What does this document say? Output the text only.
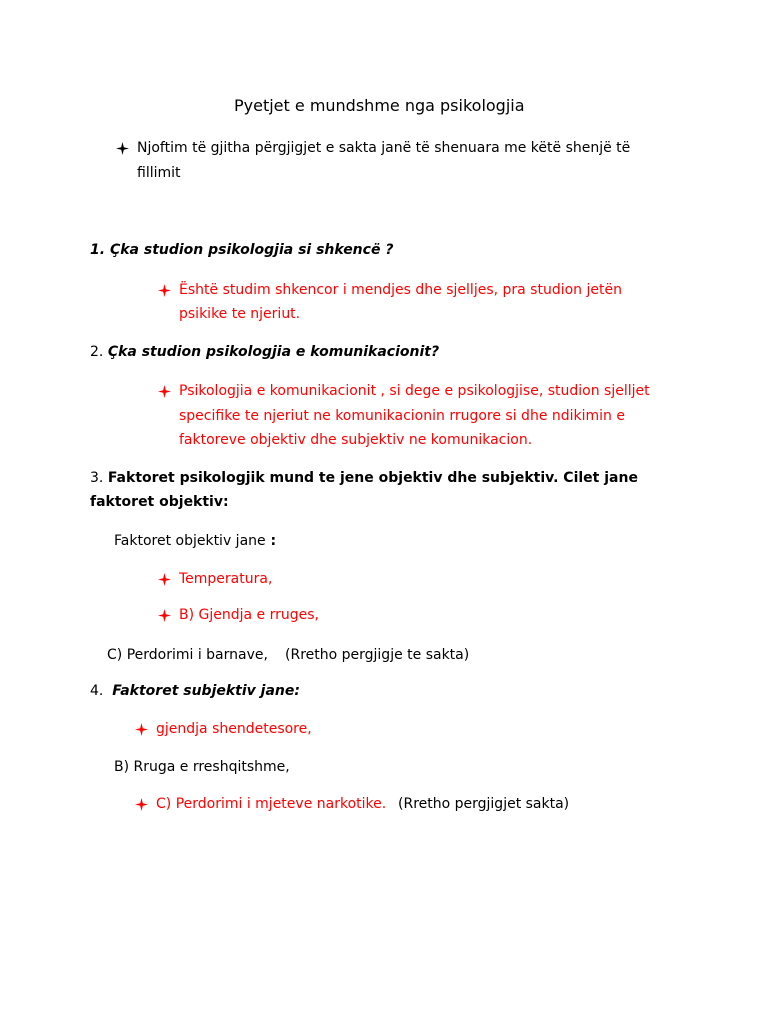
Pyetjet e mundshme nga psikologjia
Njoftim të gjitha përgjigjet e sakta janë të shenuara me këtë shenjë të
fillimit
1. Çka studion psikologjia si shkencë ?
Është studim shkencor i mendjes dhe sjelljes, pra studion jetën
psikike te njeriut.
2. Çka studion psikologjia e komunikacionit?
Psikologjia e komunikacionit , si dege e psikologjise, studion sjelljet
specifike te njeriut ne komunikacionin rrugore si dhe ndikimin e
faktoreve objektiv dhe subjektiv ne komunikacion.
3. Faktoret psikologjik mund te jene objektiv dhe subjektiv. Cilet jane
faktoret objektiv:
Faktoret objektiv jane :
Temperatura,
B) Gjendja e rruges,
C) Perdorimi i barnave, (Rretho pergjigje te sakta)
4. Faktoret subjektiv jane:
gjendja shendetesore,
B) Rruga e rreshqitshme,
C) Perdorimi i mjeteve narkotike. (Rretho pergjigjet sakta)
